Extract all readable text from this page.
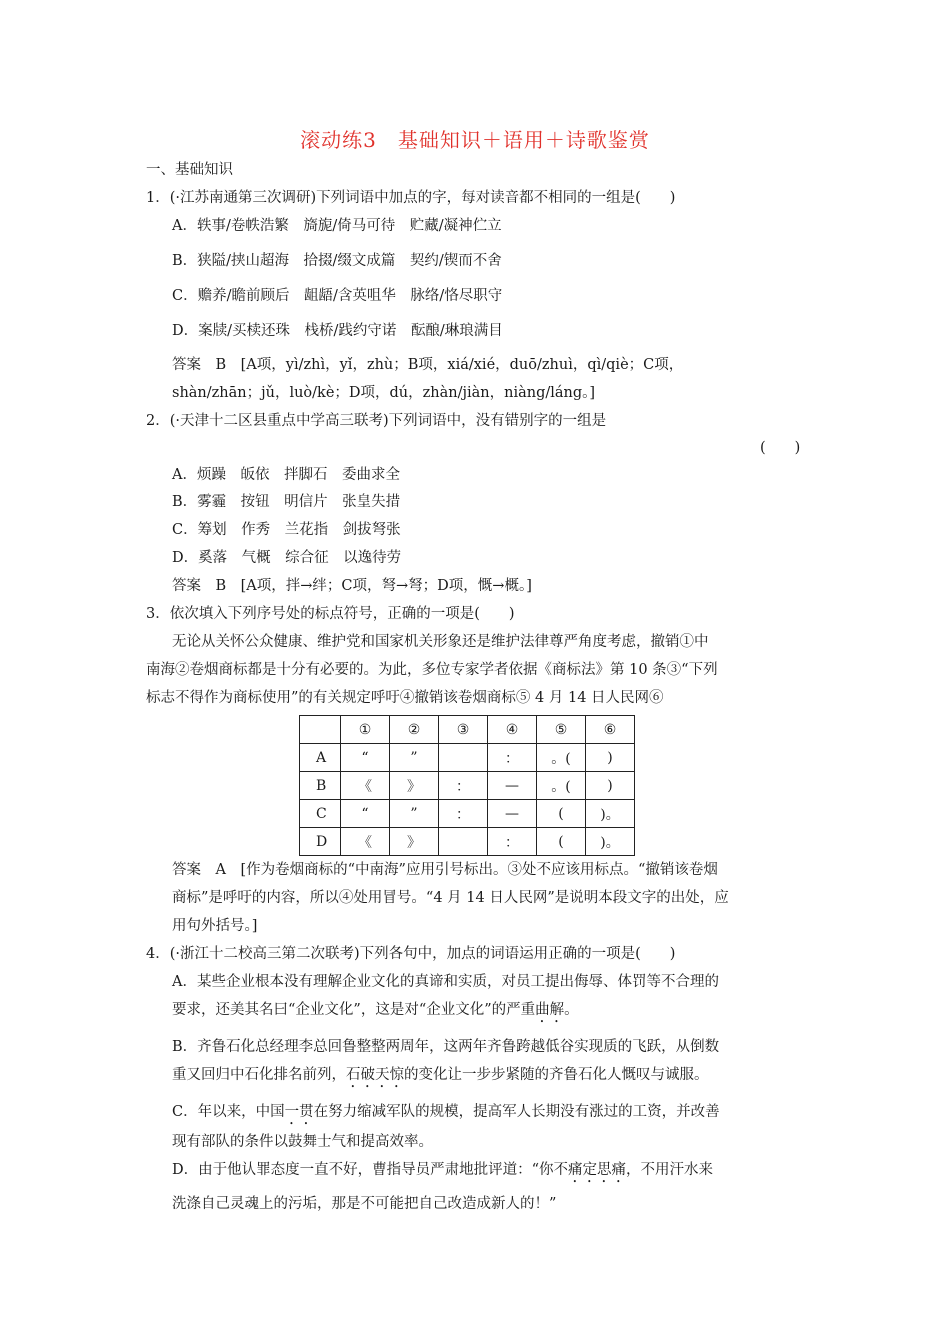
滚动练3　基础知识＋语用＋诗歌鉴赏
一、基础知识
1．(·江苏南通第三次调研)下列词语中加点的字，每对读音都不相同的一组是(　　)
A．轶事/卷帙浩繁　旖旎/倚马可待　贮藏/凝神伫立
B．狭隘/挟山超海　拾掇/缀文成篇　契约/锲而不舍
C．赡养/瞻前顾后　龃龉/含英咀华　脉络/恪尽职守
D．案牍/买椟还珠　栈桥/践约守诺　酝酿/琳琅满目
答案　B　[A项，yì/zhì，yǐ，zhù；B项，xiá/xié，duō/zhuì，qì/qiè；C项，
shàn/zhān；jǔ，luò/kè；D项，dú，zhàn/jiàn，niàng/láng。]
2．(·天津十二区县重点中学高三联考)下列词语中，没有错别字的一组是
(　　)
A．烦躁　皈依　拌脚石　委曲求全
B．雾霾　按钮　明信片　张皇失措
C．筹划　作秀　兰花指　剑拔弩张
D．奚落　气概　综合征　以逸待劳
答案　B　[A项，拌→绊；C项，弩→弩；D项，慨→概。]
3．依次填入下列序号处的标点符号，正确的一项是(　　)
无论从关怀公众健康、维护党和国家机关形象还是维护法律尊严角度考虑，撤销①中
南海②卷烟商标都是十分有必要的。为此，多位专家学者依据《商标法》第 10 条③“下列
标志不得作为商标使用”的有关规定呼吁④撤销该卷烟商标⑤ 4 月 14 日人民网⑥
	①	②	③	④	⑤	⑥
A	“	”		：	。(	)
B	《	》	：	—	。(	)
C	“	”	：	—	(	)。
D	《	》		：	(	)。
答案　A　[作为卷烟商标的“中南海”应用引号标出。③处不应该用标点。“撤销该卷烟
商标”是呼吁的内容，所以④处用冒号。“4 月 14 日人民网”是说明本段文字的出处，应
用句外括号。]
4．(·浙江十二校高三第二次联考)下列各句中，加点的词语运用正确的一项是(　　)
A．某些企业根本没有理解企业文化的真谛和实质，对员工提出侮辱、体罚等不合理的
要求，还美其名曰“企业文化”，这是对“企业文化”的严重曲解。
B．齐鲁石化总经理李总回鲁整整两周年，这两年齐鲁跨越低谷实现质的飞跃，从倒数
重又回归中石化排名前列，石破天惊的变化让一步步紧随的齐鲁石化人慨叹与诚服。
C．年以来，中国一贯在努力缩减军队的规模，提高军人长期没有涨过的工资，并改善
现有部队的条件以鼓舞士气和提高效率。
D．由于他认罪态度一直不好，曹指导员严肃地批评道：“你不痛定思痛，不用汗水来
洗涤自己灵魂上的污垢，那是不可能把自己改造成新人的！”
